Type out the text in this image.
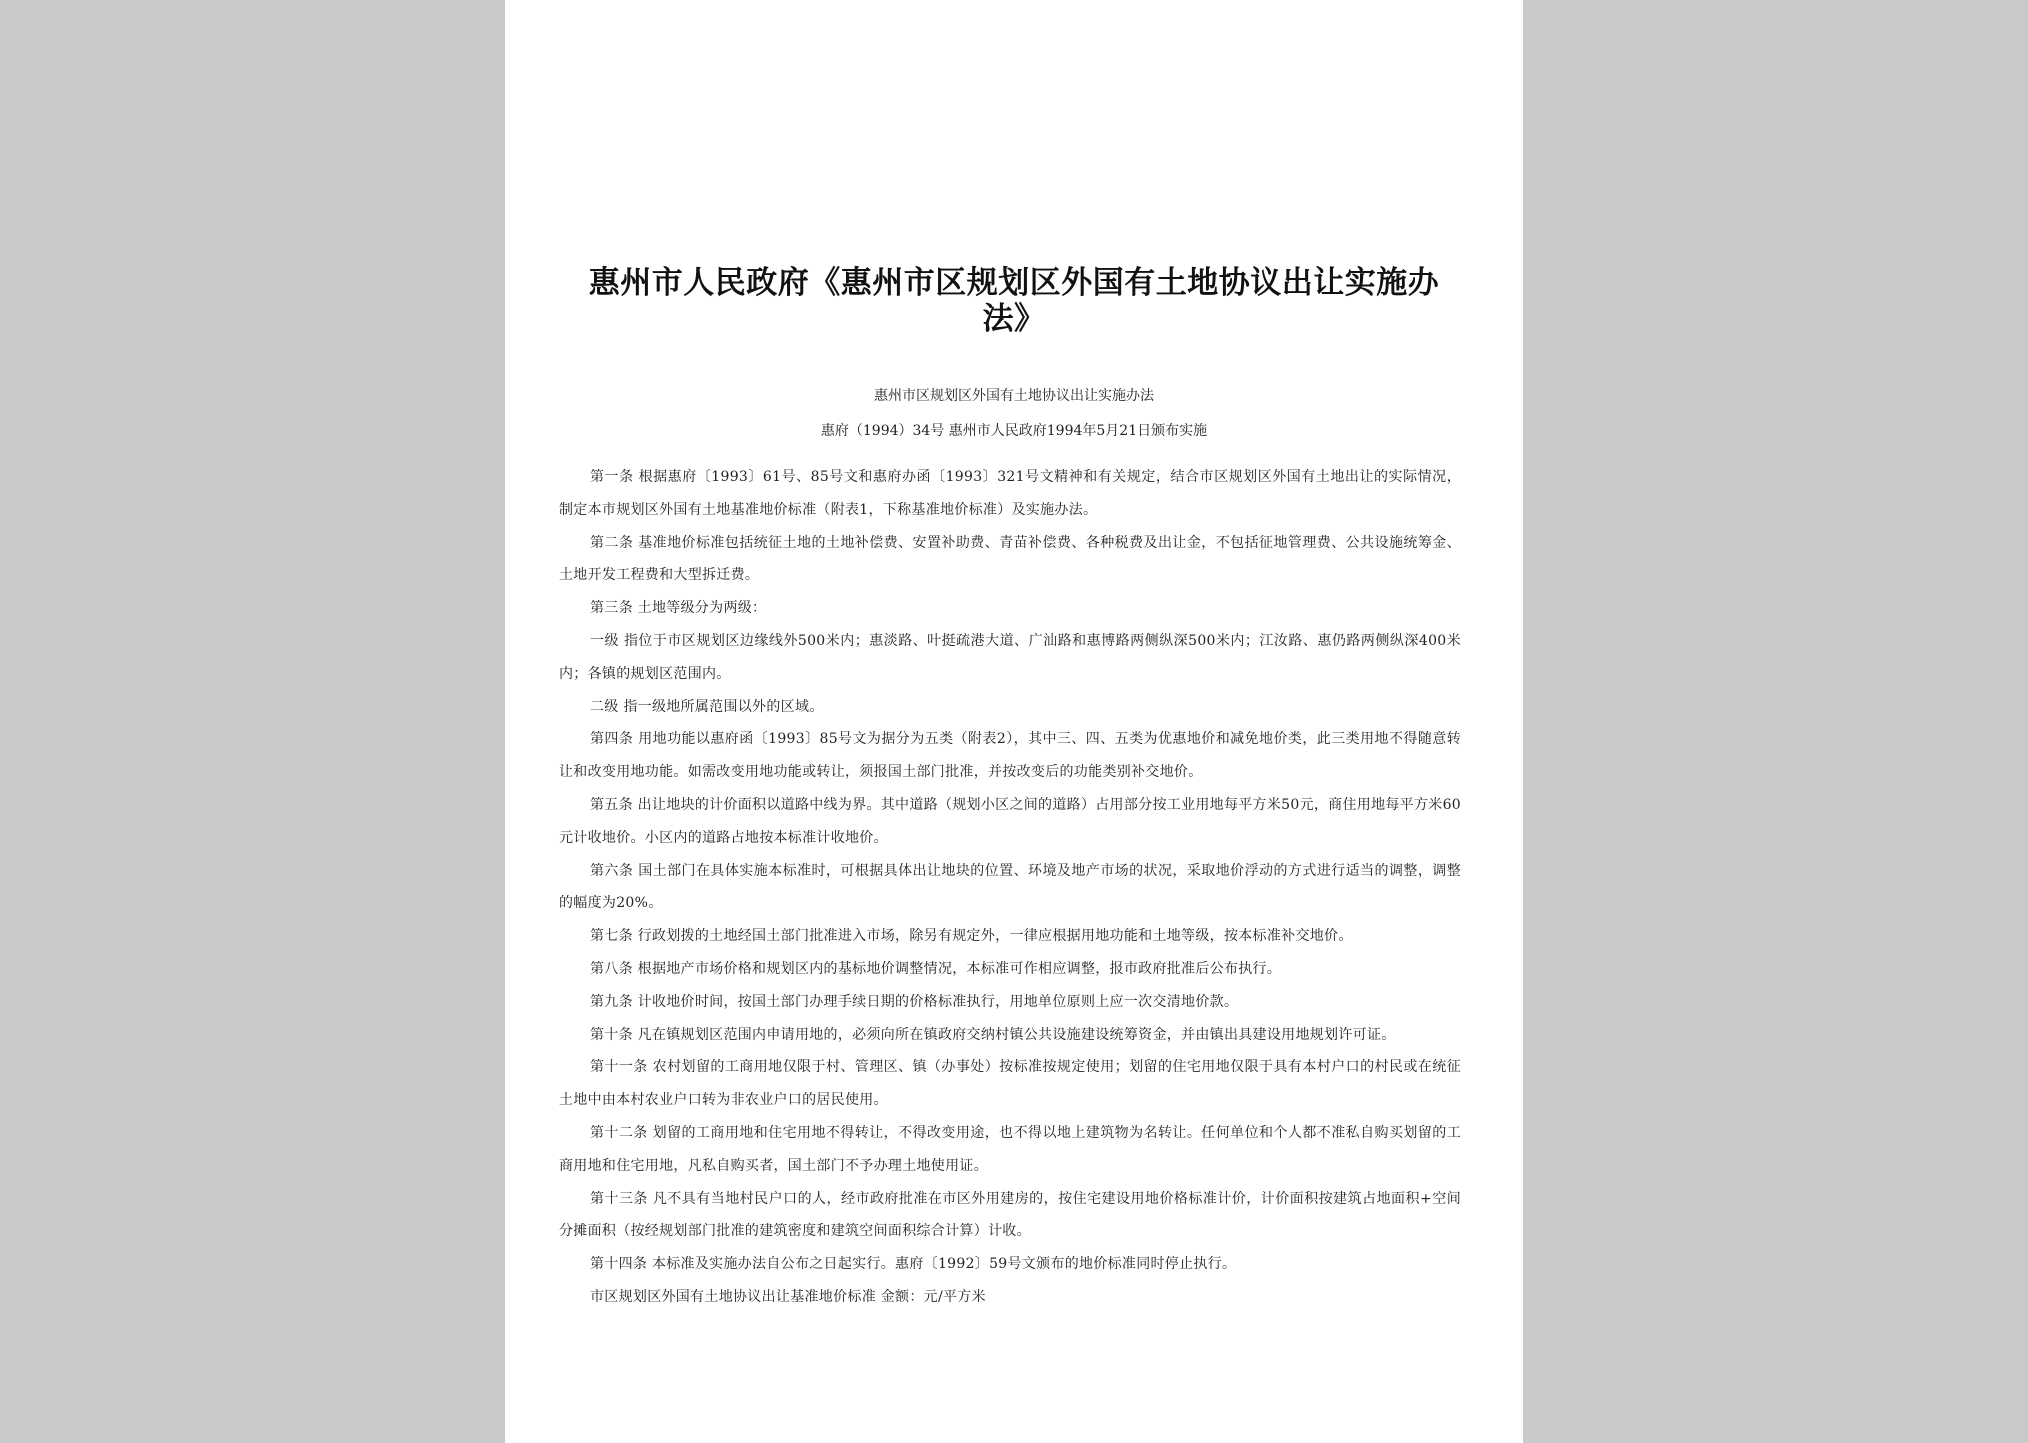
惠州市人民政府《惠州市区规划区外国有土地协议出让实施办法》
惠州市区规划区外国有土地协议出让实施办法
惠府（1994）34号 惠州市人民政府1994年5月21日颁布实施

第一条 根据惠府〔1993〕61号、85号文和惠府办函〔1993〕321号文精神和有关规定，结合市区规划区外国有土地出让的实际情况，制定本市规划区外国有土地基准地价标准（附表1，下称基准地价标准）及实施办法。

第二条 基准地价标准包括统征土地的土地补偿费、安置补助费、青苗补偿费、各种税费及出让金，不包括征地管理费、公共设施统筹金、土地开发工程费和大型拆迁费。

第三条 土地等级分为两级：

一级 指位于市区规划区边缘线外500米内；惠淡路、叶挺疏港大道、广汕路和惠博路两侧纵深500米内；江汝路、惠仍路两侧纵深400米内；各镇的规划区范围内。

二级 指一级地所属范围以外的区域。

第四条 用地功能以惠府函〔1993〕85号文为据分为五类（附表2），其中三、四、五类为优惠地价和减免地价类，此三类用地不得随意转让和改变用地功能。如需改变用地功能或转让，须报国土部门批准，并按改变后的功能类别补交地价。

第五条 出让地块的计价面积以道路中线为界。其中道路（规划小区之间的道路）占用部分按工业用地每平方米50元，商住用地每平方米60元计收地价。小区内的道路占地按本标准计收地价。

第六条 国土部门在具体实施本标准时，可根据具体出让地块的位置、环境及地产市场的状况，采取地价浮动的方式进行适当的调整，调整的幅度为20%。

第七条 行政划拨的土地经国土部门批准进入市场，除另有规定外，一律应根据用地功能和土地等级，按本标准补交地价。

第八条 根据地产市场价格和规划区内的基标地价调整情况，本标准可作相应调整，报市政府批准后公布执行。

第九条 计收地价时间，按国土部门办理手续日期的价格标准执行，用地单位原则上应一次交清地价款。

第十条 凡在镇规划区范围内申请用地的，必须向所在镇政府交纳村镇公共设施建设统筹资金，并由镇出具建设用地规划许可证。

第十一条 农村划留的工商用地仅限于村、管理区、镇（办事处）按标准按规定使用；划留的住宅用地仅限于具有本村户口的村民或在统征土地中由本村农业户口转为非农业户口的居民使用。

第十二条 划留的工商用地和住宅用地不得转让，不得改变用途，也不得以地上建筑物为名转让。任何单位和个人都不准私自购买划留的工商用地和住宅用地，凡私自购买者，国土部门不予办理土地使用证。

第十三条 凡不具有当地村民户口的人，经市政府批准在市区外用建房的，按住宅建设用地价格标准计价，计价面积按建筑占地面积+空间分摊面积（按经规划部门批准的建筑密度和建筑空间面积综合计算）计收。

第十四条 本标准及实施办法自公布之日起实行。惠府〔1992〕59号文颁布的地价标准同时停止执行。

市区规划区外国有土地协议出让基准地价标准 金额：元/平方米
